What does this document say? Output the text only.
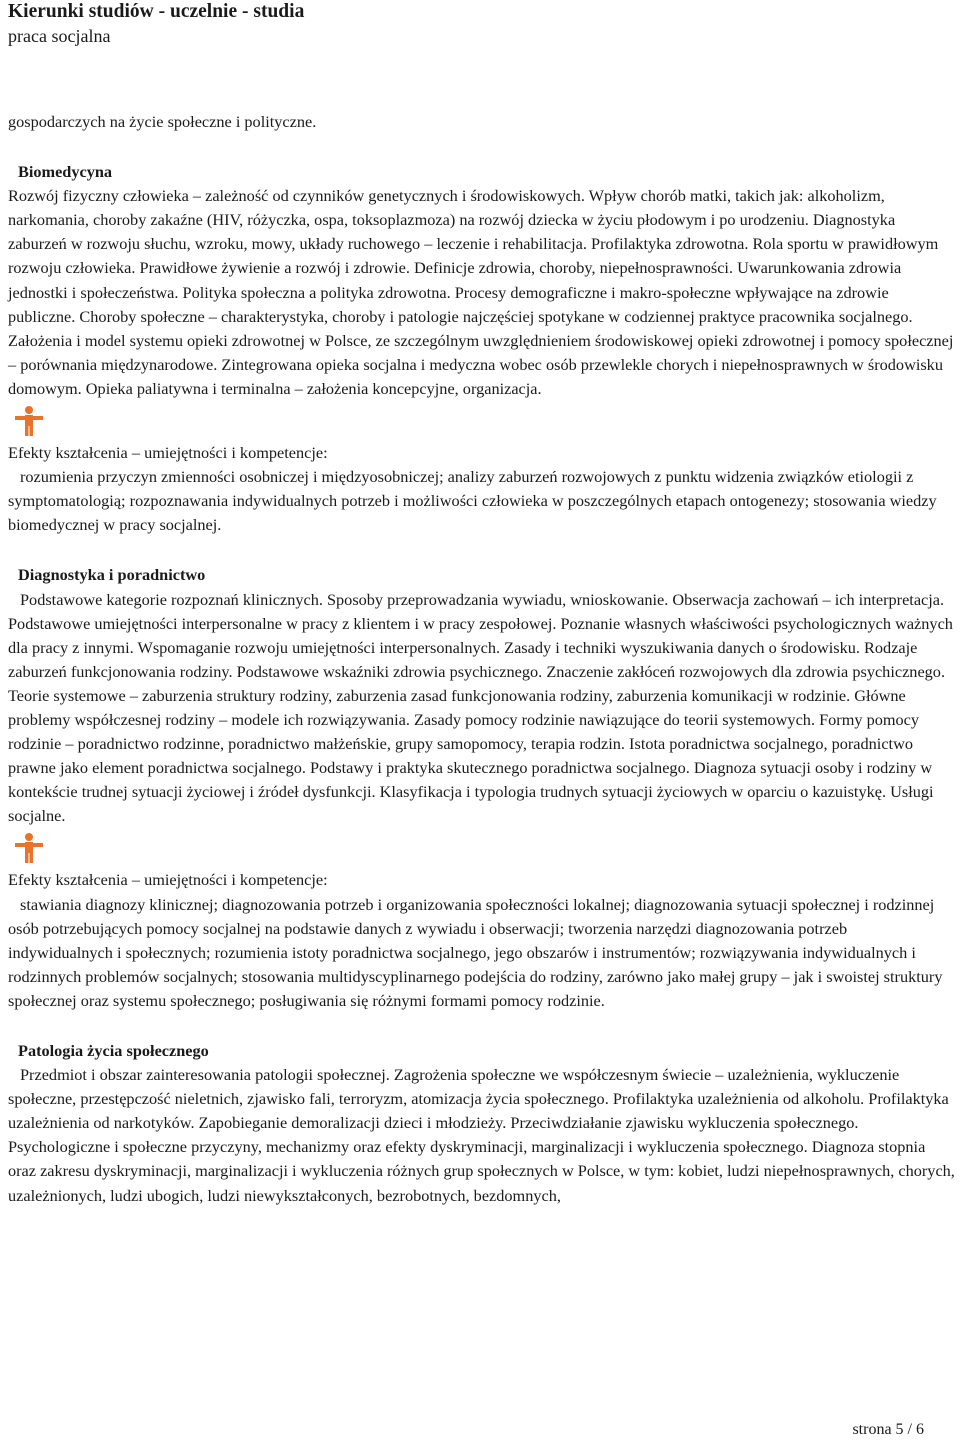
Kierunki studiów - uczelnie - studia
praca socjalna

gospodarczych na życie społeczne i polityczne.

Biomedycyna

Rozwój fizyczny człowieka – zależność od czynników genetycznych i środowiskowych. Wpływ chorób matki, takich jak: alkoholizm, narkomania, choroby zakaźne (HIV, różyczka, ospa, toksoplazmoza) na rozwój dziecka w życiu płodowym i po urodzeniu. Diagnostyka zaburzeń w rozwoju słuchu, wzroku, mowy, układy ruchowego – leczenie i rehabilitacja. Profilaktyka zdrowotna. Rola sportu w prawidłowym rozwoju człowieka. Prawidłowe żywienie a rozwój i zdrowie. Definicje zdrowia, choroby, niepełnosprawności. Uwarunkowania zdrowia jednostki i społeczeństwa. Polityka społeczna a polityka zdrowotna. Procesy demograficzne i makro-społeczne wpływające na zdrowie publiczne. Choroby społeczne – charakterystyka, choroby i patologie najczęściej spotykane w codziennej praktyce pracownika socjalnego. Założenia i model systemu opieki zdrowotnej w Polsce, ze szczególnym uwzględnieniem środowiskowej opieki zdrowotnej i pomocy społecznej – porównania międzynarodowe. Zintegrowana opieka socjalna i medyczna wobec osób przewlekle chorych i niepełnosprawnych w środowisku domowym. Opieka paliatywna i terminalna – założenia koncepcyjne, organizacja.

Efekty kształcenia – umiejętności i kompetencje:

rozumienia przyczyn zmienności osobniczej i międzyosobniczej; analizy zaburzeń rozwojowych z punktu widzenia związków etiologii z symptomatologią; rozpoznawania indywidualnych potrzeb i możliwości człowieka w poszczególnych etapach ontogenezy; stosowania wiedzy biomedycznej w pracy socjalnej.

Diagnostyka i poradnictwo

Podstawowe kategorie rozpoznań klinicznych. Sposoby przeprowadzania wywiadu, wnioskowanie. Obserwacja zachowań – ich interpretacja. Podstawowe umiejętności interpersonalne w pracy z klientem i w pracy zespołowej. Poznanie własnych właściwości psychologicznych ważnych dla pracy z innymi. Wspomaganie rozwoju umiejętności interpersonalnych. Zasady i techniki wyszukiwania danych o środowisku. Rodzaje zaburzeń funkcjonowania rodziny. Podstawowe wskaźniki zdrowia psychicznego. Znaczenie zakłóceń rozwojowych dla zdrowia psychicznego. Teorie systemowe – zaburzenia struktury rodziny, zaburzenia zasad funkcjonowania rodziny, zaburzenia komunikacji w rodzinie. Główne problemy współczesnej rodziny – modele ich rozwiązywania. Zasady pomocy rodzinie nawiązujące do teorii systemowych. Formy pomocy rodzinie – poradnictwo rodzinne, poradnictwo małżeńskie, grupy samopomocy, terapia rodzin. Istota poradnictwa socjalnego, poradnictwo prawne jako element poradnictwa socjalnego. Podstawy i praktyka skutecznego poradnictwa socjalnego. Diagnoza sytuacji osoby i rodziny w kontekście trudnej sytuacji życiowej i źródeł dysfunkcji. Klasyfikacja i typologia trudnych sytuacji życiowych w oparciu o kazuistykę. Usługi socjalne.

Efekty kształcenia – umiejętności i kompetencje:

stawiania diagnozy klinicznej; diagnozowania potrzeb i organizowania społeczności lokalnej; diagnozowania sytuacji społecznej i rodzinnej osób potrzebujących pomocy socjalnej na podstawie danych z wywiadu i obserwacji; tworzenia narzędzi diagnozowania potrzeb indywidualnych i społecznych; rozumienia istoty poradnictwa socjalnego, jego obszarów i instrumentów; rozwiązywania indywidualnych i rodzinnych problemów socjalnych; stosowania multidyscyplinarnego podejścia do rodziny, zarówno jako małej grupy – jak i swoistej struktury społecznej oraz systemu społecznego; posługiwania się różnymi formami pomocy rodzinie.

Patologia życia społecznego

Przedmiot i obszar zainteresowania patologii społecznej. Zagrożenia społeczne we współczesnym świecie – uzależnienia, wykluczenie społeczne, przestępczość nieletnich, zjawisko fali, terroryzm, atomizacja życia społecznego. Profilaktyka uzależnienia od alkoholu. Profilaktyka uzależnienia od narkotyków. Zapobieganie demoralizacji dzieci i młodzieży. Przeciwdziałanie zjawisku wykluczenia społecznego. Psychologiczne i społeczne przyczyny, mechanizmy oraz efekty dyskryminacji, marginalizacji i wykluczenia społecznego. Diagnoza stopnia oraz zakresu dyskryminacji, marginalizacji i wykluczenia różnych grup społecznych w Polsce, w tym: kobiet, ludzi niepełnosprawnych, chorych, uzależnionych, ludzi ubogich, ludzi niewykształconych, bezrobotnych, bezdomnych,

strona 5 / 6
